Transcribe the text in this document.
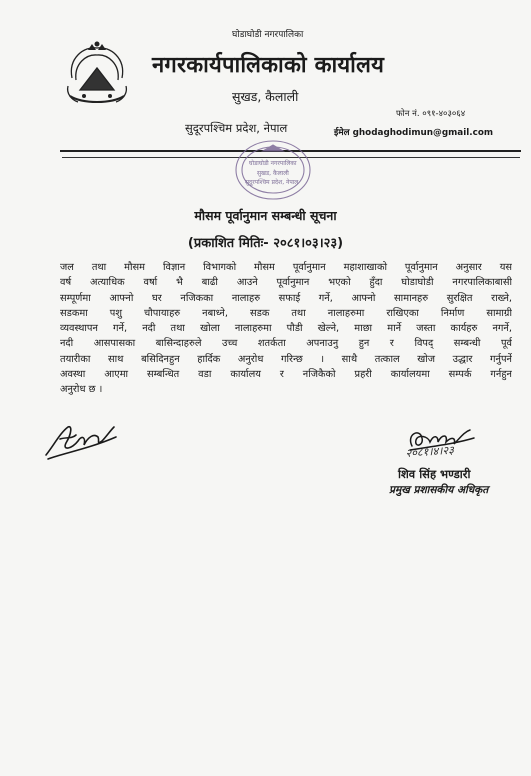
घोडाघोडी नगरपालिका
नगरकार्यपालिकाको कार्यालय
सुखड, कैलाली
फोन नं. ०९१-४०३०६४
सुदूरपश्चिम प्रदेश, नेपाल	ईमेल ghodaghodimun@gmail.com
घोडाघोडी नगरपालिका
सुखड, कैलाली
सुदूरपश्चिम प्रदेश, नेपाल
मौसम पूर्वानुमान सम्बन्धी सूचना
(प्रकाशित मितिः- २०८१।०३।२३)
जल तथा मौसम विज्ञान विभागको मौसम पूर्वानुमान महाशाखाको पूर्वानुमान अनुसार यस
वर्ष अत्याधिक वर्षा भै बाढी आउने पूर्वानुमान भएको हुँदा घोडाघोडी नगरपालिकाबासी
सम्पूर्णमा आफ्नो घर नजिकका नालाहरु सफाई गर्ने, आफ्नो सामानहरु सुरक्षित राख्ने,
सडकमा पशु चौपायाहरु नबाध्ने, सडक तथा नालाहरुमा राखिएका निर्माण सामाग्री
व्यवस्थापन गर्ने, नदी तथा खोला नालाहरुमा पौडी खेल्ने, माछा मार्ने जस्ता कार्यहरु नगर्ने,
नदी आसपासका बासिन्दाहरुले उच्च शतर्कता अपनाउनु हुन र विपद् सम्बन्धी पूर्व
तयारीका साथ बसिदिनहुन हार्दिक अनुरोध गरिन्छ । साथै तत्काल खोज उद्धार गर्नुपर्ने
अवस्था आएमा सम्बन्धित वडा कार्यालय र नजिकैको प्रहरी कार्यालयमा सम्पर्क गर्नहुन
अनुरोध छ ।
२०८१।४।२३
शिव सिंह भण्डारी
प्रमुख प्रशासकीय अधिकृत
